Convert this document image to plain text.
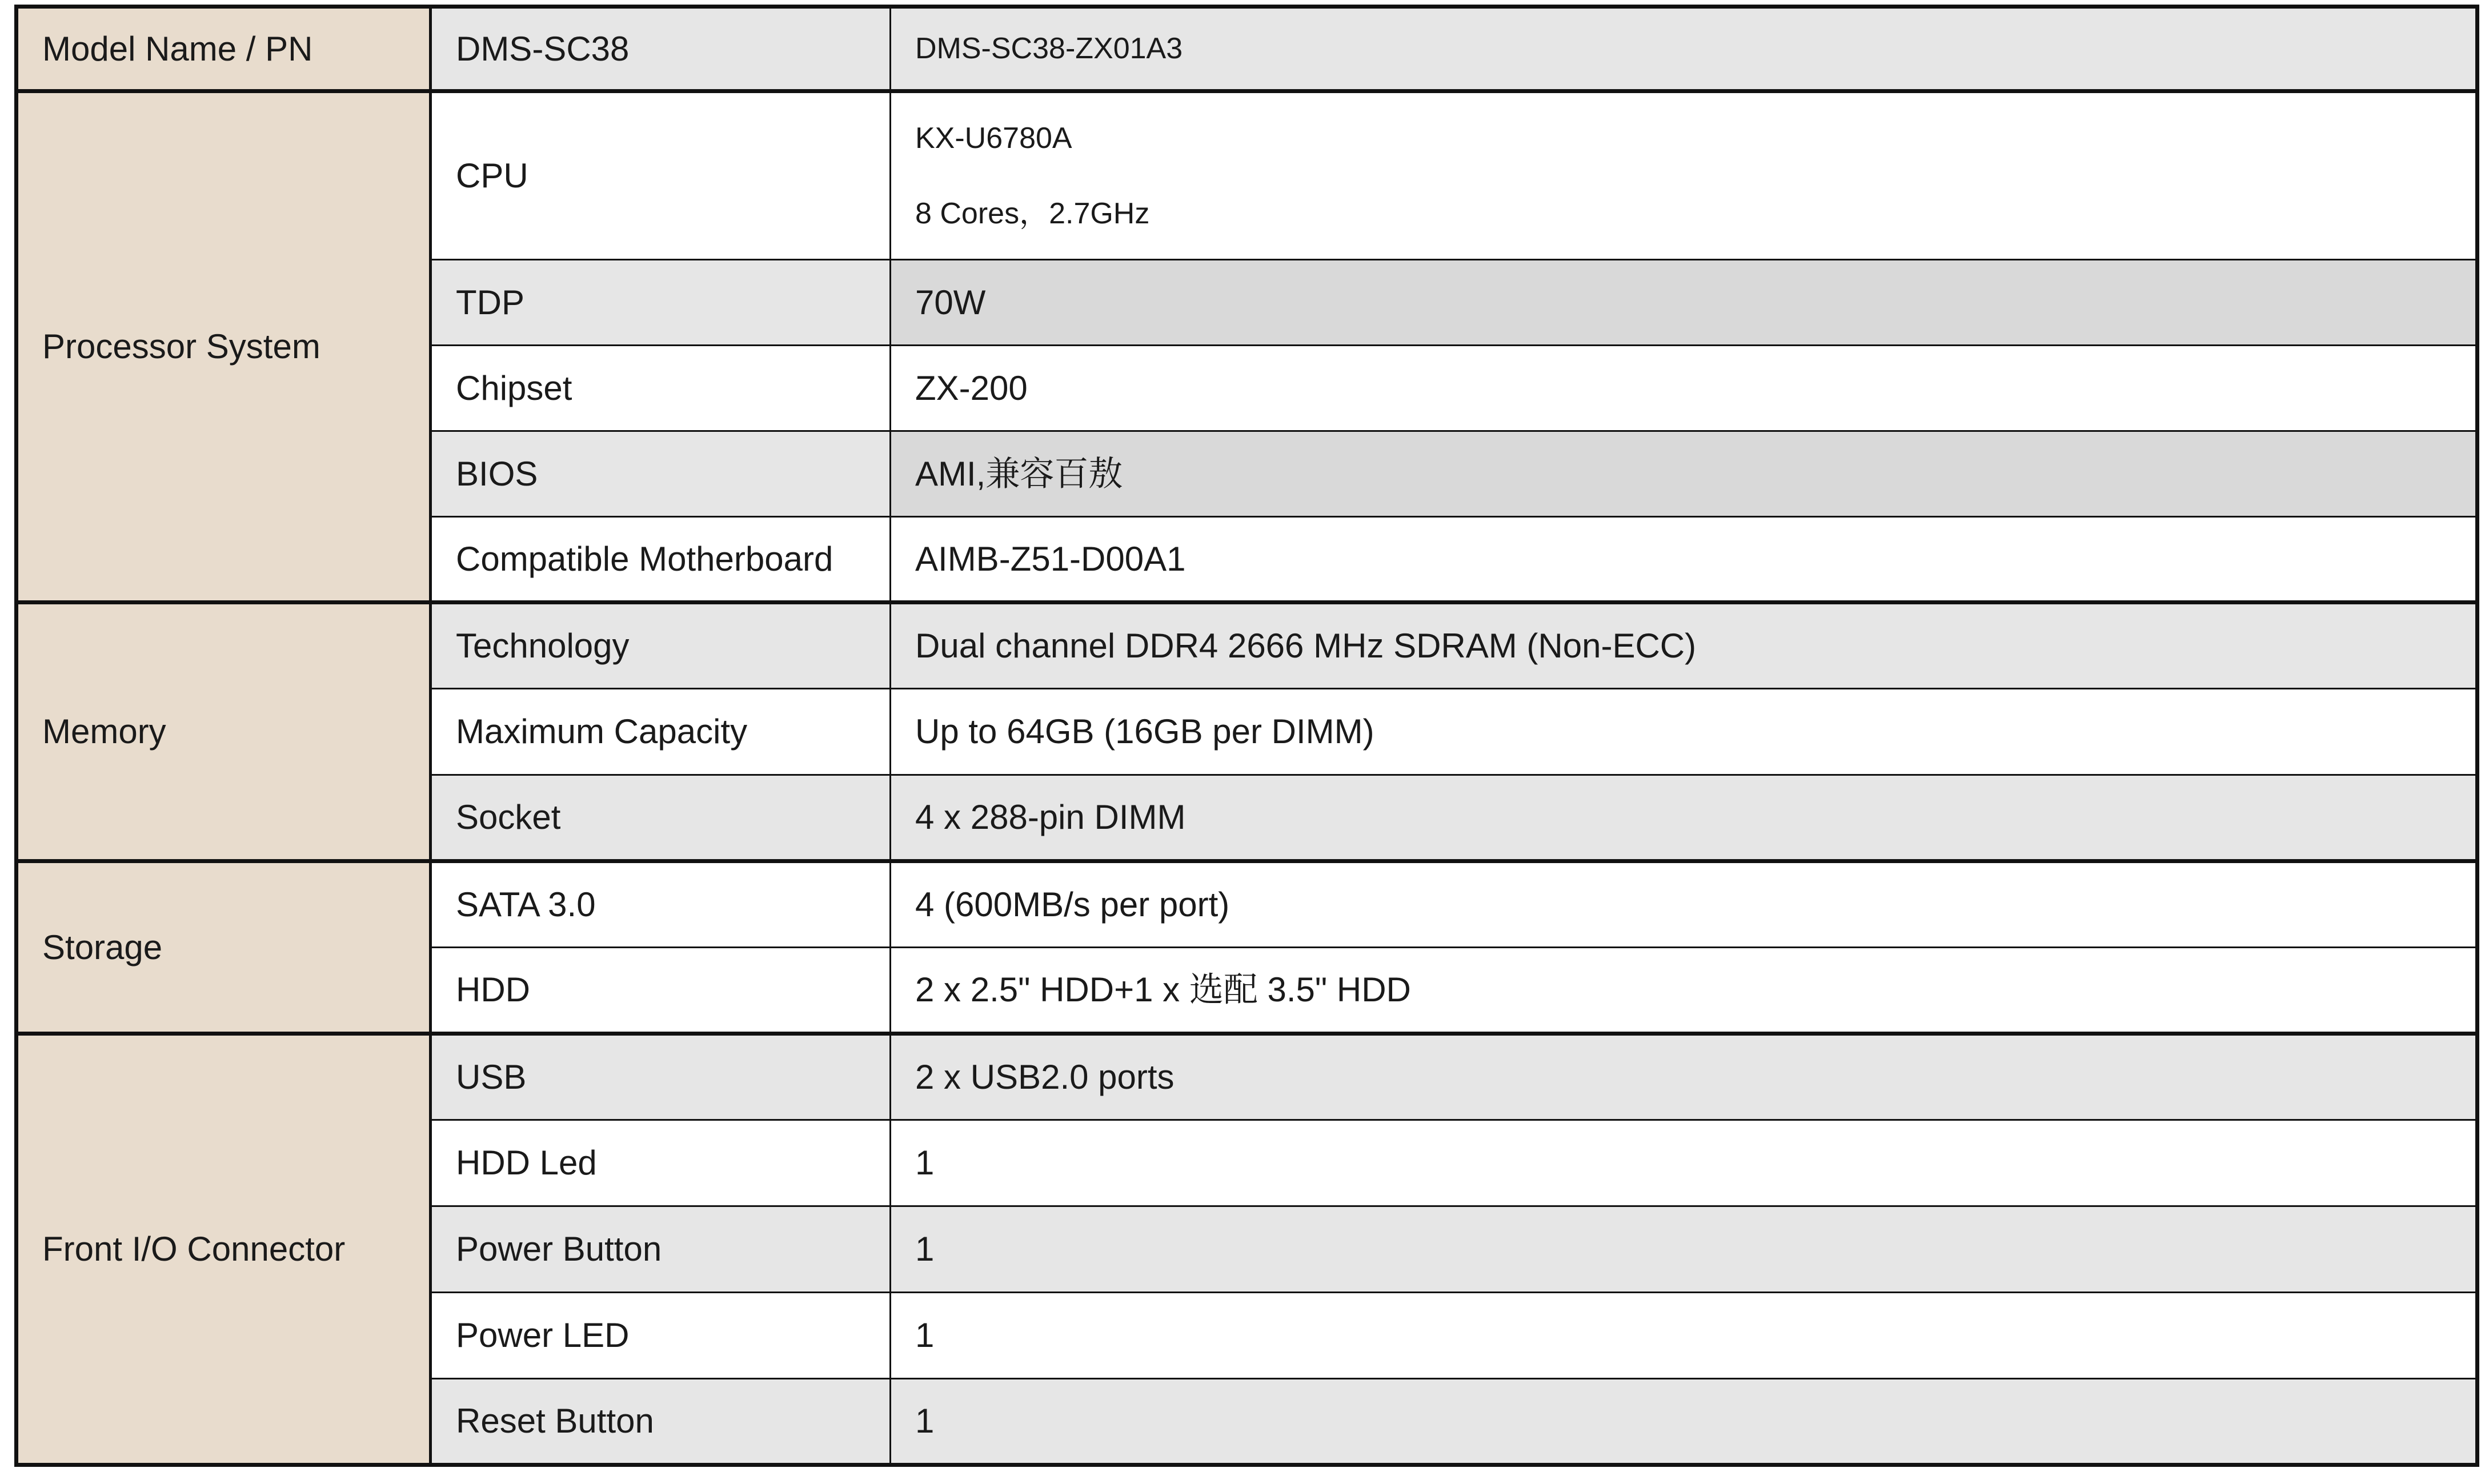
Model Name / PN	DMS-SC38	DMS-SC38-ZX01A3
Processor System	CPU	KX-U6780A
8 Cores，2.7GHz

	TDP	70W
	Chipset	ZX-200
	BIOS	AMI,兼容百敖
	Compatible Motherboard	AIMB-Z51-D00A1
Memory	Technology	Dual channel DDR4 2666 MHz SDRAM (Non-ECC)
	Maximum Capacity	Up to 64GB (16GB per DIMM)
	Socket	4 x 288-pin DIMM
Storage	SATA 3.0	4 (600MB/s per port)
	HDD	2 x 2.5" HDD+1 x 选配 3.5" HDD
Front I/O Connector	USB	2 x USB2.0 ports
	HDD Led	1
	Power Button	1
	Power LED	1
	Reset Button	1
